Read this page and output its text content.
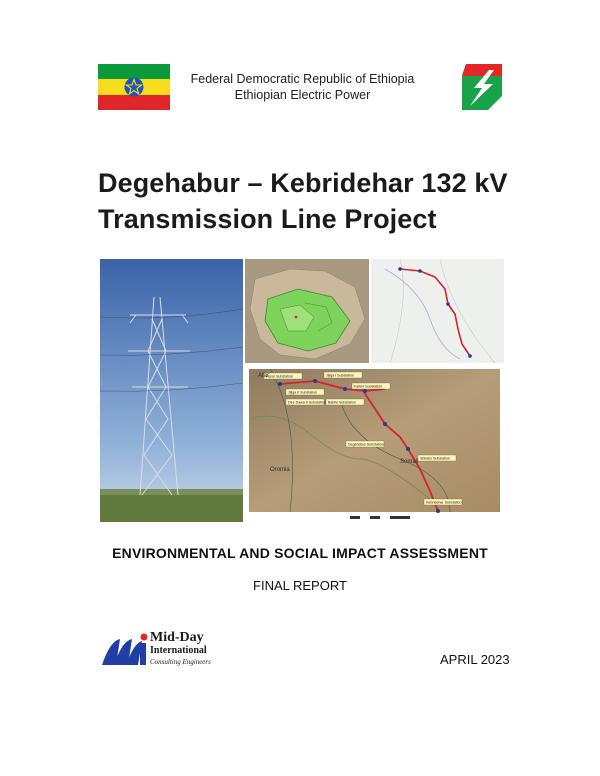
Federal Democratic Republic of Ethiopia
Ethiopian Electric Power
Degehabur – Kebridehar 132 kV
Transmission Line Project
Harar Substation	Jijiga I Substation
Jijiga II Substation
Dire Dawa II Substation Babile Substation
Fafem Substation
Degehabur Substation
Shilabo Substation
Kebridehar Substation
Afar
Oromia
Somali
ENVIRONMENTAL AND SOCIAL IMPACT ASSESSMENT
FINAL REPORT
Mid-Day
International
Consulting Engineers	APRIL 2023
